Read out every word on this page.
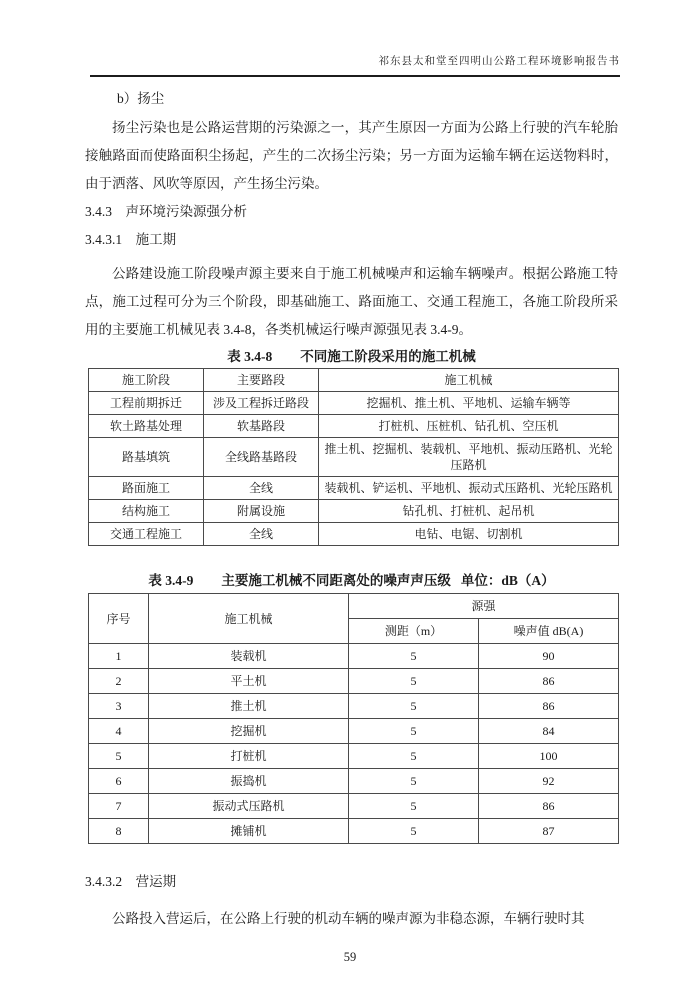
祁东县太和堂至四明山公路工程环境影响报告书
b）扬尘

扬尘污染也是公路运营期的污染源之一，其产生原因一方面为公路上行驶的汽车轮胎接触路面而使路面积尘扬起，产生的二次扬尘污染；另一方面为运输车辆在运送物料时，由于洒落、风吹等原因，产生扬尘污染。

3.4.3　声环境污染源强分析
3.4.3.1　施工期

公路建设施工阶段噪声源主要来自于施工机械噪声和运输车辆噪声。根据公路施工特点，施工过程可分为三个阶段，即基础施工、路面施工、交通工程施工，各施工阶段所采用的主要施工机械见表 3.4-8，各类机械运行噪声源强见表 3.4-9。

表 3.4-8 不同施工阶段采用的施工机械
施工阶段	主要路段	施工机械
工程前期拆迁	涉及工程拆迁路段	挖掘机、推土机、平地机、运输车辆等
软土路基处理	软基路段	打桩机、压桩机、钻孔机、空压机
路基填筑	全线路基路段	推土机、挖掘机、装载机、平地机、振动压路机、光轮压路机
路面施工	全线	装载机、铲运机、平地机、振动式压路机、光轮压路机
结构施工	附属设施	钻孔机、打桩机、起吊机
交通工程施工	全线	电钻、电锯、切割机
表 3.4-9 主要施工机械不同距离处的噪声声压级 单位：dB（A）
序号	施工机械	源强	
		测距（m）	噪声值 dB(A)
1	装载机	5	90
2	平土机	5	86
3	推土机	5	86
4	挖掘机	5	84
5	打桩机	5	100
6	振捣机	5	92
7	振动式压路机	5	86
8	摊铺机	5	87
3.4.3.2　营运期

公路投入营运后，在公路上行驶的机动车辆的噪声源为非稳态源，车辆行驶时其

59
